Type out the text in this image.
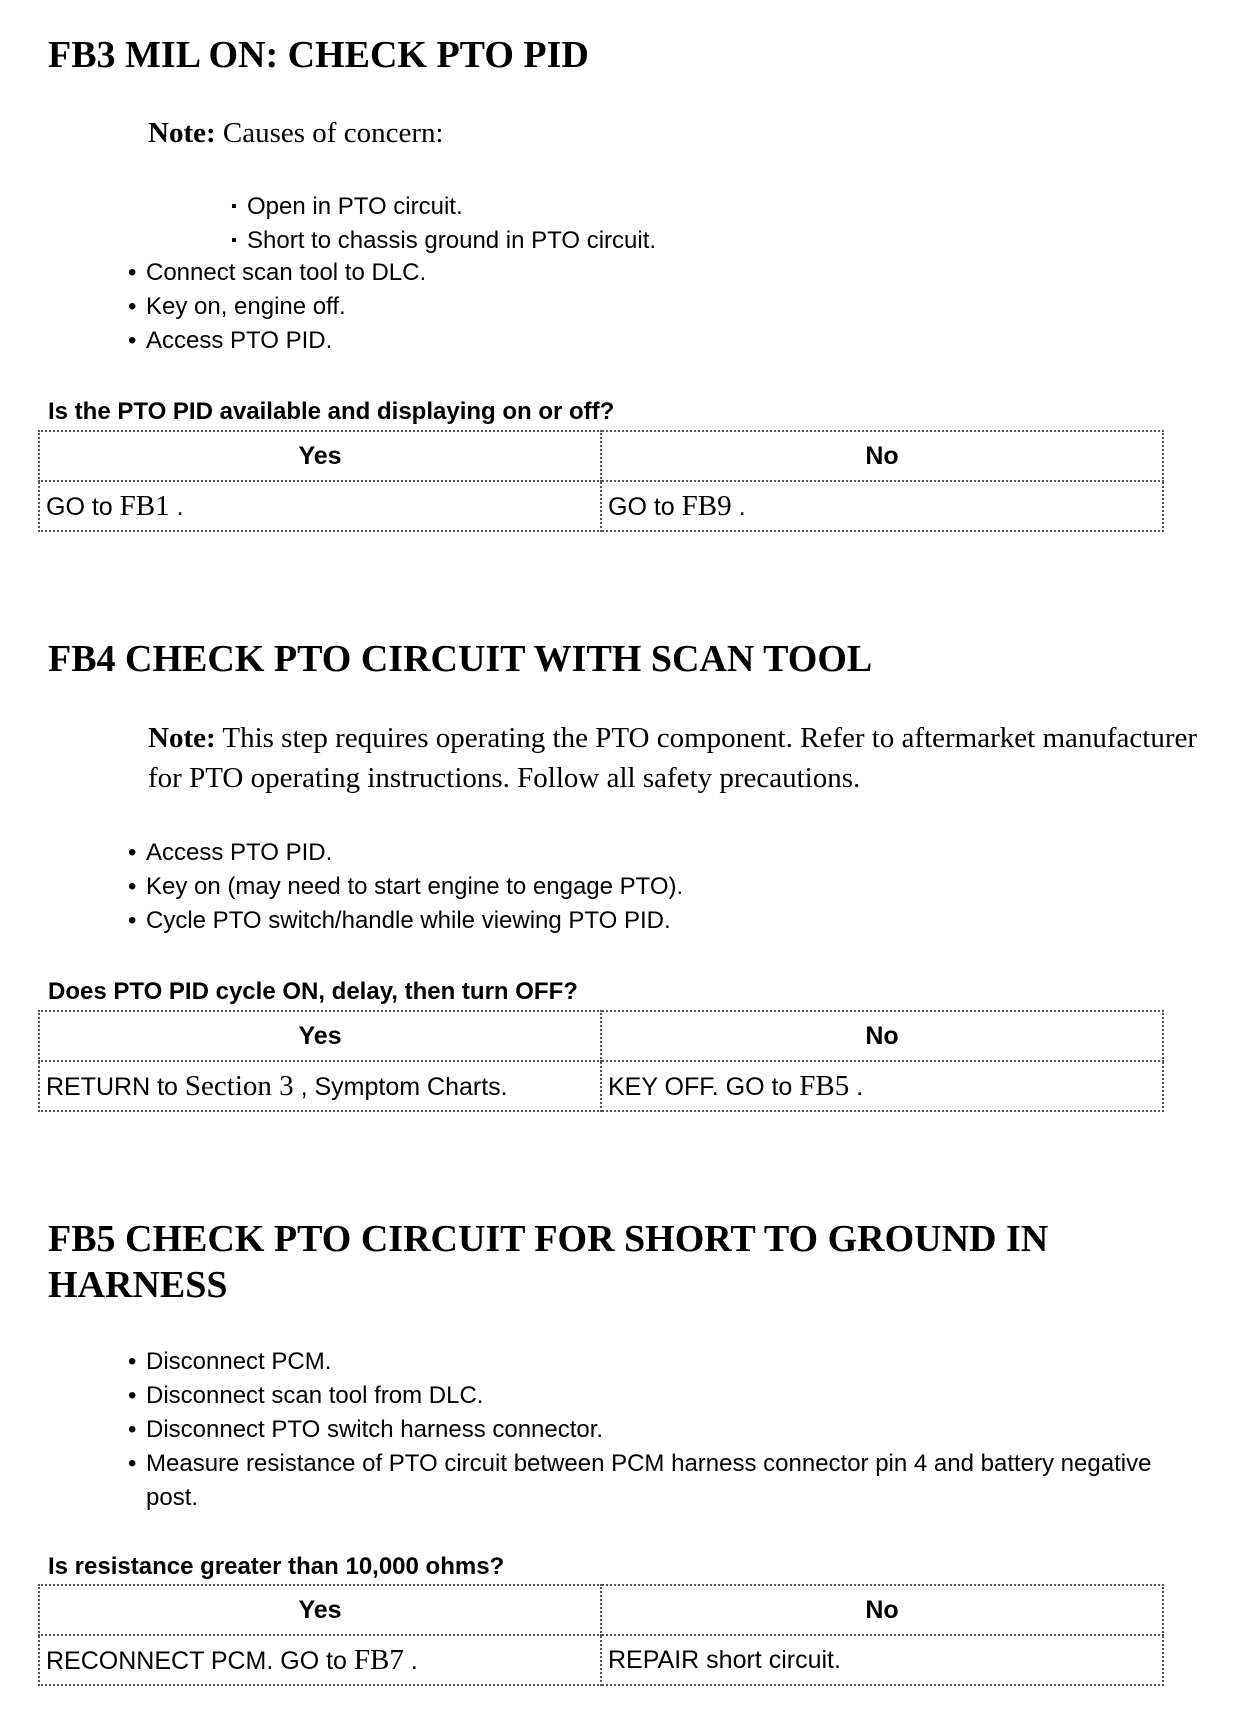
FB3 MIL ON: CHECK PTO PID

Note: Causes of concern:

▪ Open in PTO circuit.
▪ Short to chassis ground in PTO circuit.
• Connect scan tool to DLC.
• Key on, engine off.
• Access PTO PID.

Is the PTO PID available and displaying on or off?

Yes	No
GO to FB1 .	GO to FB9 .
FB4 CHECK PTO CIRCUIT WITH SCAN TOOL

Note: This step requires operating the PTO component. Refer to aftermarket manufacturer for PTO operating instructions. Follow all safety precautions.

• Access PTO PID.
• Key on (may need to start engine to engage PTO).
• Cycle PTO switch/handle while viewing PTO PID.

Does PTO PID cycle ON, delay, then turn OFF?

Yes	No
RETURN to Section 3 , Symptom Charts.	KEY OFF. GO to FB5 .
FB5 CHECK PTO CIRCUIT FOR SHORT TO GROUND IN HARNESS
• Disconnect PCM.
• Disconnect scan tool from DLC.
• Disconnect PTO switch harness connector.
• Measure resistance of PTO circuit between PCM harness connector pin 4 and battery negative post.

Is resistance greater than 10,000 ohms?

Yes	No
RECONNECT PCM. GO to FB7 .	REPAIR short circuit.
